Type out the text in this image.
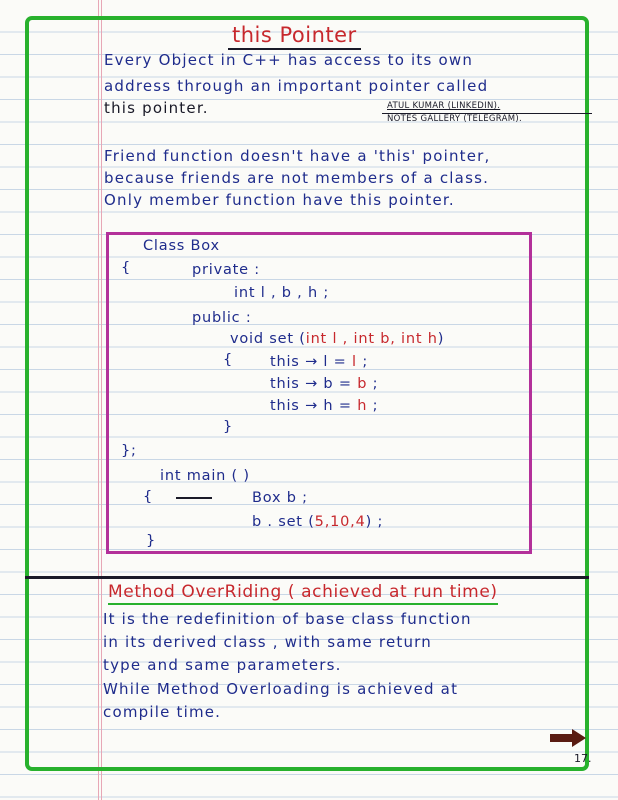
this Pointer
Every Object in C++ has access to its own
address through an important pointer called
this pointer.	ATUL KUMAR (LINKEDIN).
NOTES GALLERY (TELEGRAM).
Friend function doesn't have a 'this' pointer,
because friends are not members of a class.
Only member function have this pointer.
Class Box
{	private :
int l , b , h ;
public :
void set (int l , int b, int h)
{	this → l = l ;
this → b = b ;
this → h = h ;
}
};
int main ( )
{	Box b ;
b . set (5,10,4) ;
}
Method OverRiding ( achieved at run time)
It is the redefinition of base class function
in its derived class , with same return
type and same parameters.
While Method Overloading is achieved at
compile time.
17.
